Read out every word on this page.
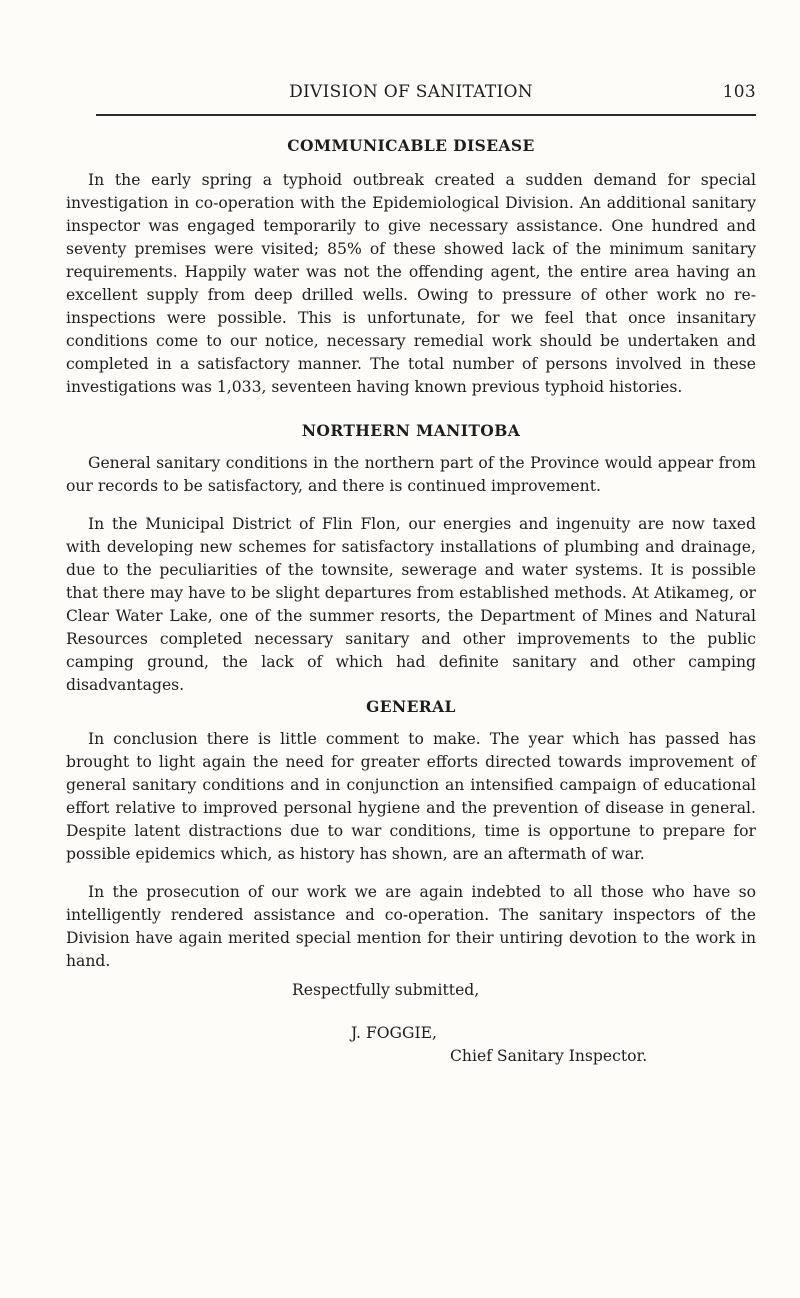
DIVISION OF SANITATION	103
COMMUNICABLE DISEASE

In the early spring a typhoid outbreak created a sudden demand for special investigation in co-operation with the Epidemiological Division. An additional sanitary inspector was engaged temporarily to give necessary assistance. One hundred and seventy premises were visited; 85% of these showed lack of the minimum sanitary requirements. Happily water was not the offending agent, the entire area having an excellent supply from deep drilled wells. Owing to pressure of other work no re-inspections were possible. This is unfortunate, for we feel that once insanitary conditions come to our notice, necessary remedial work should be undertaken and completed in a satisfactory manner. The total number of persons involved in these investigations was 1,033, seventeen having known previous typhoid histories.

NORTHERN MANITOBA

General sanitary conditions in the northern part of the Province would appear from our records to be satisfactory, and there is continued improvement.

In the Municipal District of Flin Flon, our energies and ingenuity are now taxed with developing new schemes for satisfactory installations of plumbing and drainage, due to the peculiarities of the townsite, sewerage and water systems. It is possible that there may have to be slight departures from established methods. At Atikameg, or Clear Water Lake, one of the summer resorts, the Department of Mines and Natural Resources completed necessary sanitary and other improvements to the public camping ground, the lack of which had definite sanitary and other camping disadvantages.

GENERAL

In conclusion there is little comment to make. The year which has passed has brought to light again the need for greater efforts directed towards improvement of general sanitary conditions and in conjunction an intensified campaign of educational effort relative to improved personal hygiene and the prevention of disease in general. Despite latent distractions due to war conditions, time is opportune to prepare for possible epidemics which, as history has shown, are an aftermath of war.

In the prosecution of our work we are again indebted to all those who have so intelligently rendered assistance and co-operation. The sanitary inspectors of the Division have again merited special mention for their untiring devotion to the work in hand.

Respectfully submitted,
J. FOGGIE,
Chief Sanitary Inspector.
